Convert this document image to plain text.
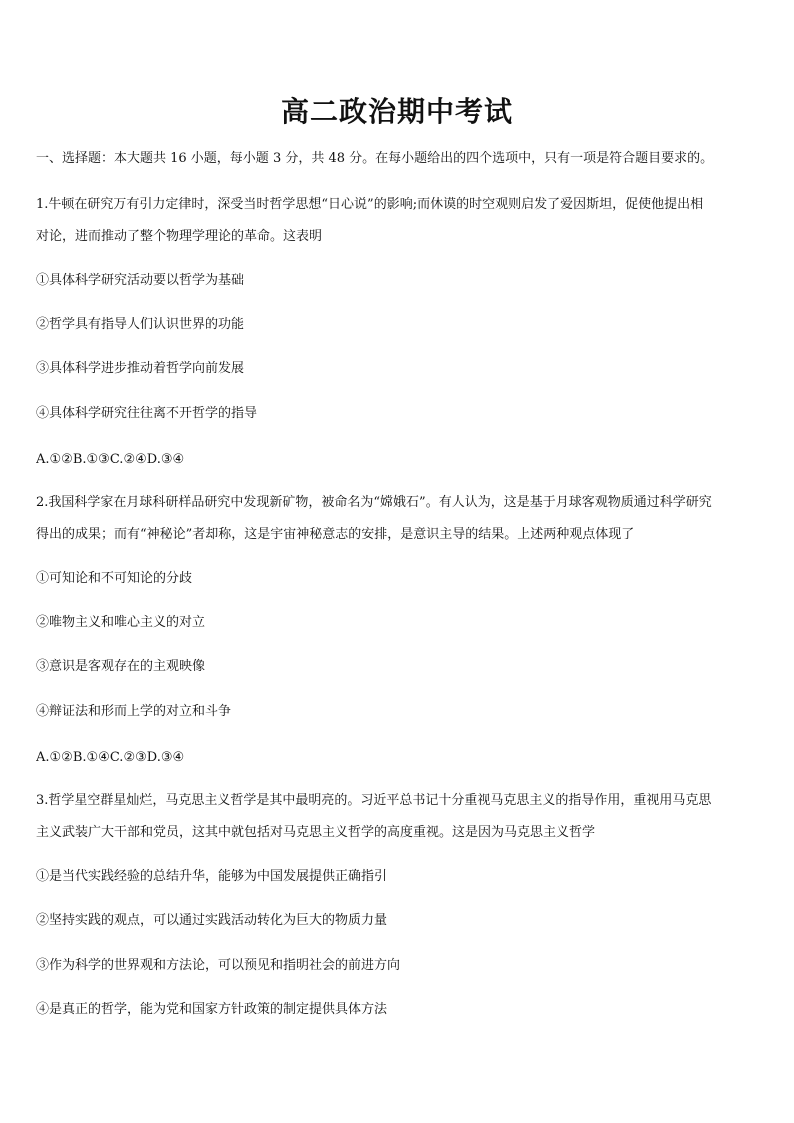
高二政治期中考试

一、选择题：本大题共 16 小题，每小题 3 分，共 48 分。在每小题给出的四个选项中，只有一项是符合题目要求的。

1.牛顿在研究万有引力定律时，深受当时哲学思想“日心说”的影响;而休谟的时空观则启发了爱因斯坦，促使他提出相

对论，进而推动了整个物理学理论的革命。这表明

①具体科学研究活动要以哲学为基础

②哲学具有指导人们认识世界的功能

③具体科学进步推动着哲学向前发展

④具体科学研究往往离不开哲学的指导

A.①②B.①③C.②④D.③④

2.我国科学家在月球科研样品研究中发现新矿物，被命名为“嫦娥石”。有人认为，这是基于月球客观物质通过科学研究

得出的成果；而有“神秘论”者却称，这是宇宙神秘意志的安排，是意识主导的结果。上述两种观点体现了

①可知论和不可知论的分歧

②唯物主义和唯心主义的对立

③意识是客观存在的主观映像

④辩证法和形而上学的对立和斗争

A.①②B.①④C.②③D.③④

3.哲学星空群星灿烂，马克思主义哲学是其中最明亮的。习近平总书记十分重视马克思主义的指导作用，重视用马克思

主义武装广大干部和党员，这其中就包括对马克思主义哲学的高度重视。这是因为马克思主义哲学

①是当代实践经验的总结升华，能够为中国发展提供正确指引

②坚持实践的观点，可以通过实践活动转化为巨大的物质力量

③作为科学的世界观和方法论，可以预见和指明社会的前进方向

④是真正的哲学，能为党和国家方针政策的制定提供具体方法
